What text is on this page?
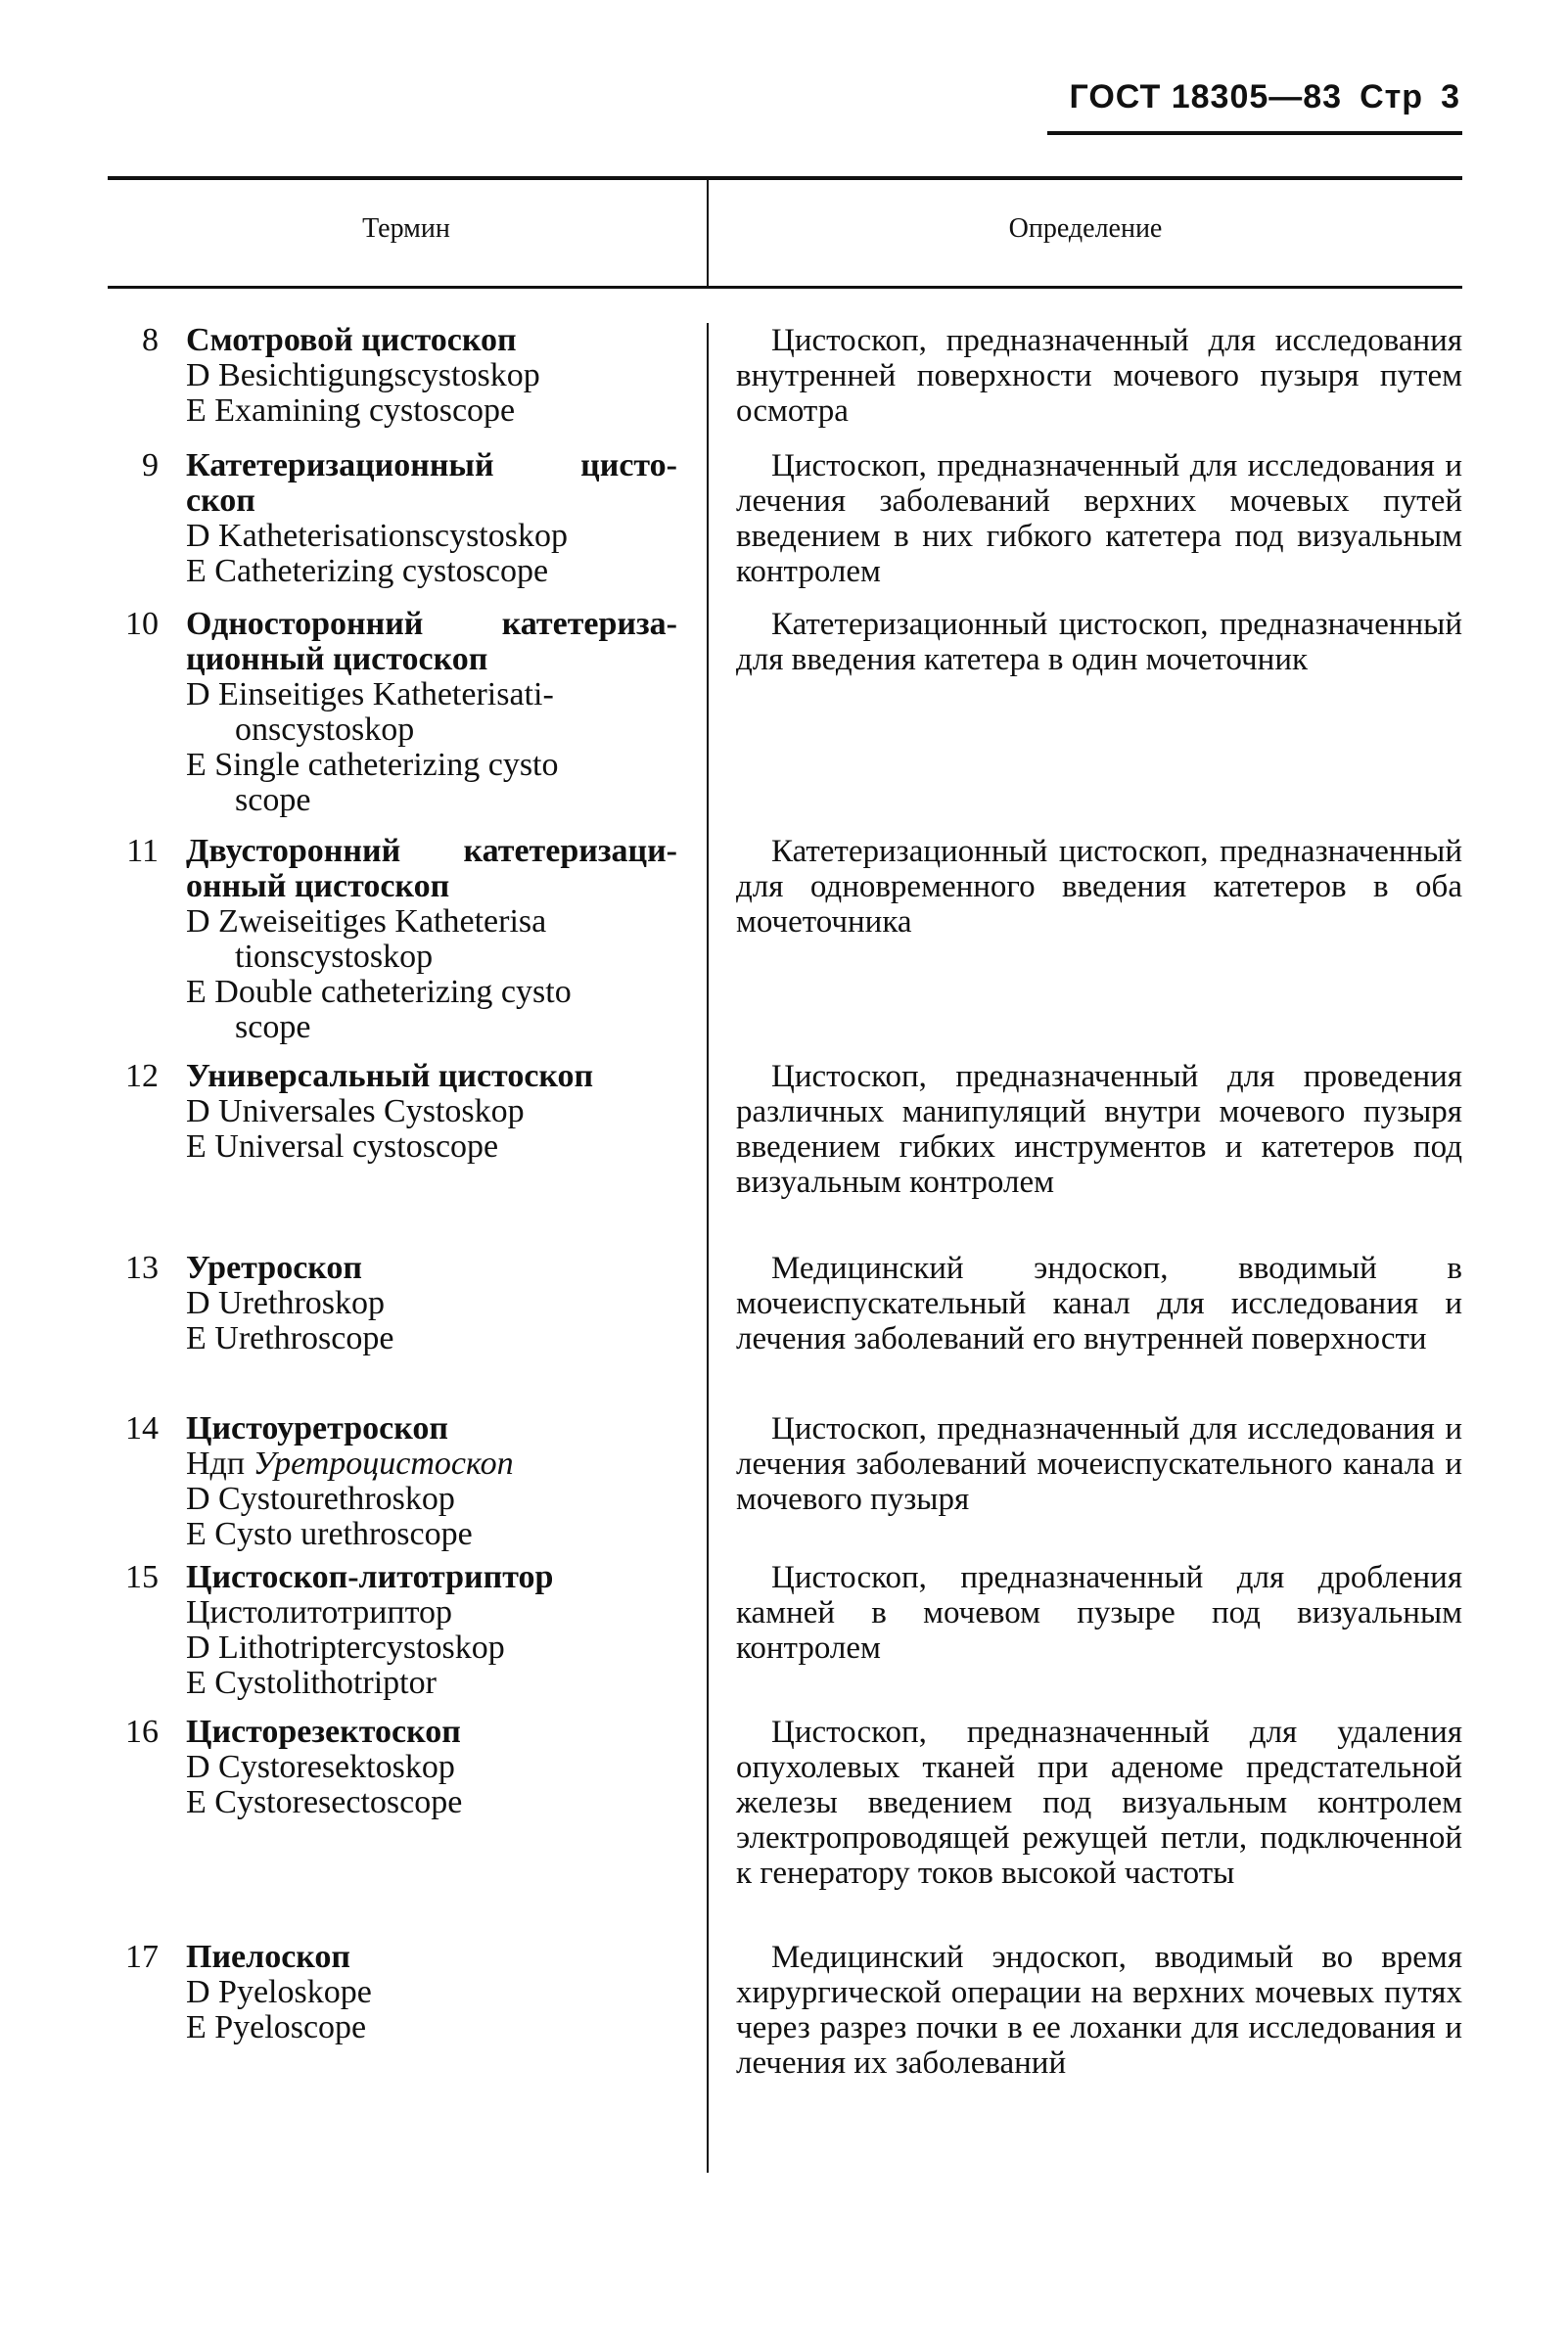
ГОСТ 18305—83 Стр 3
Термин	Определение
8 Смотровой цистоскоп
D Besichtigungscystoskop
E Examining cystoscope

Цистоскоп, предназначенный для исследования внутренней поверхности мочевого пузыря путем осмотра

9 Катетеризационный цисто-
скоп
D Katheterisationscystoskop
E Catheterizing cystoscope

Цистоскоп, предназначенный для исследования и лечения заболеваний верхних мочевых путей введением в них гибкого катетера под визуальным контролем

10 Односторонний катетериза-
ционный цистоскоп
D Einseitiges Katheterisati-
onscystoskop
E Single catheterizing cysto
scope

Катетеризационный цистоскоп, предназначенный для введения катетера в один мочеточник

11 Двусторонний катетеризаци-
онный цистоскоп
D Zweiseitiges Katheterisa
tionscystoskop
E Double catheterizing cysto
scope

Катетеризационный цистоскоп, предназначенный для одновременного введения катетеров в оба мочеточника

12 Универсальный цистоскоп
D Universales Cystoskop
E Universal cystoscope

Цистоскоп, предназначенный для проведения различных манипуляций внутри мочевого пузыря введением гибких инструментов и катетеров под визуальным контролем

13 Уретроскоп
D Urethroskop
E Urethroscope

Медицинский эндоскоп, вводимый в мочеиспускательный канал для исследования и лечения заболеваний его внутренней поверхности

14 Цистоуретроскоп
Ндп Уретроцистоскоп
D Cystourethroskop
E Cysto urethroscope

Цистоскоп, предназначенный для исследования и лечения заболеваний мочеиспускательного канала и мочевого пузыря

15 Цистоскоп-литотриптор
Цистолитотриптор
D Lithotriptercystoskop
E Cystolithotriptor

Цистоскоп, предназначенный для дробления камней в мочевом пузыре под визуальным контролем

16 Цисторезектоскоп
D Cystoresektoskop
E Cystoresectoscope

Цистоскоп, предназначенный для удаления опухолевых тканей при аденоме предстательной железы введением под визуальным контролем электропроводящей режущей петли, подключенной к генератору токов высокой частоты

17 Пиелоскоп
D Pyeloskope
E Pyeloscope

Медицинский эндоскоп, вводимый во время хирургической операции на верхних мочевых путях через разрез почки в ее лоханки для исследования и лечения их заболеваний
